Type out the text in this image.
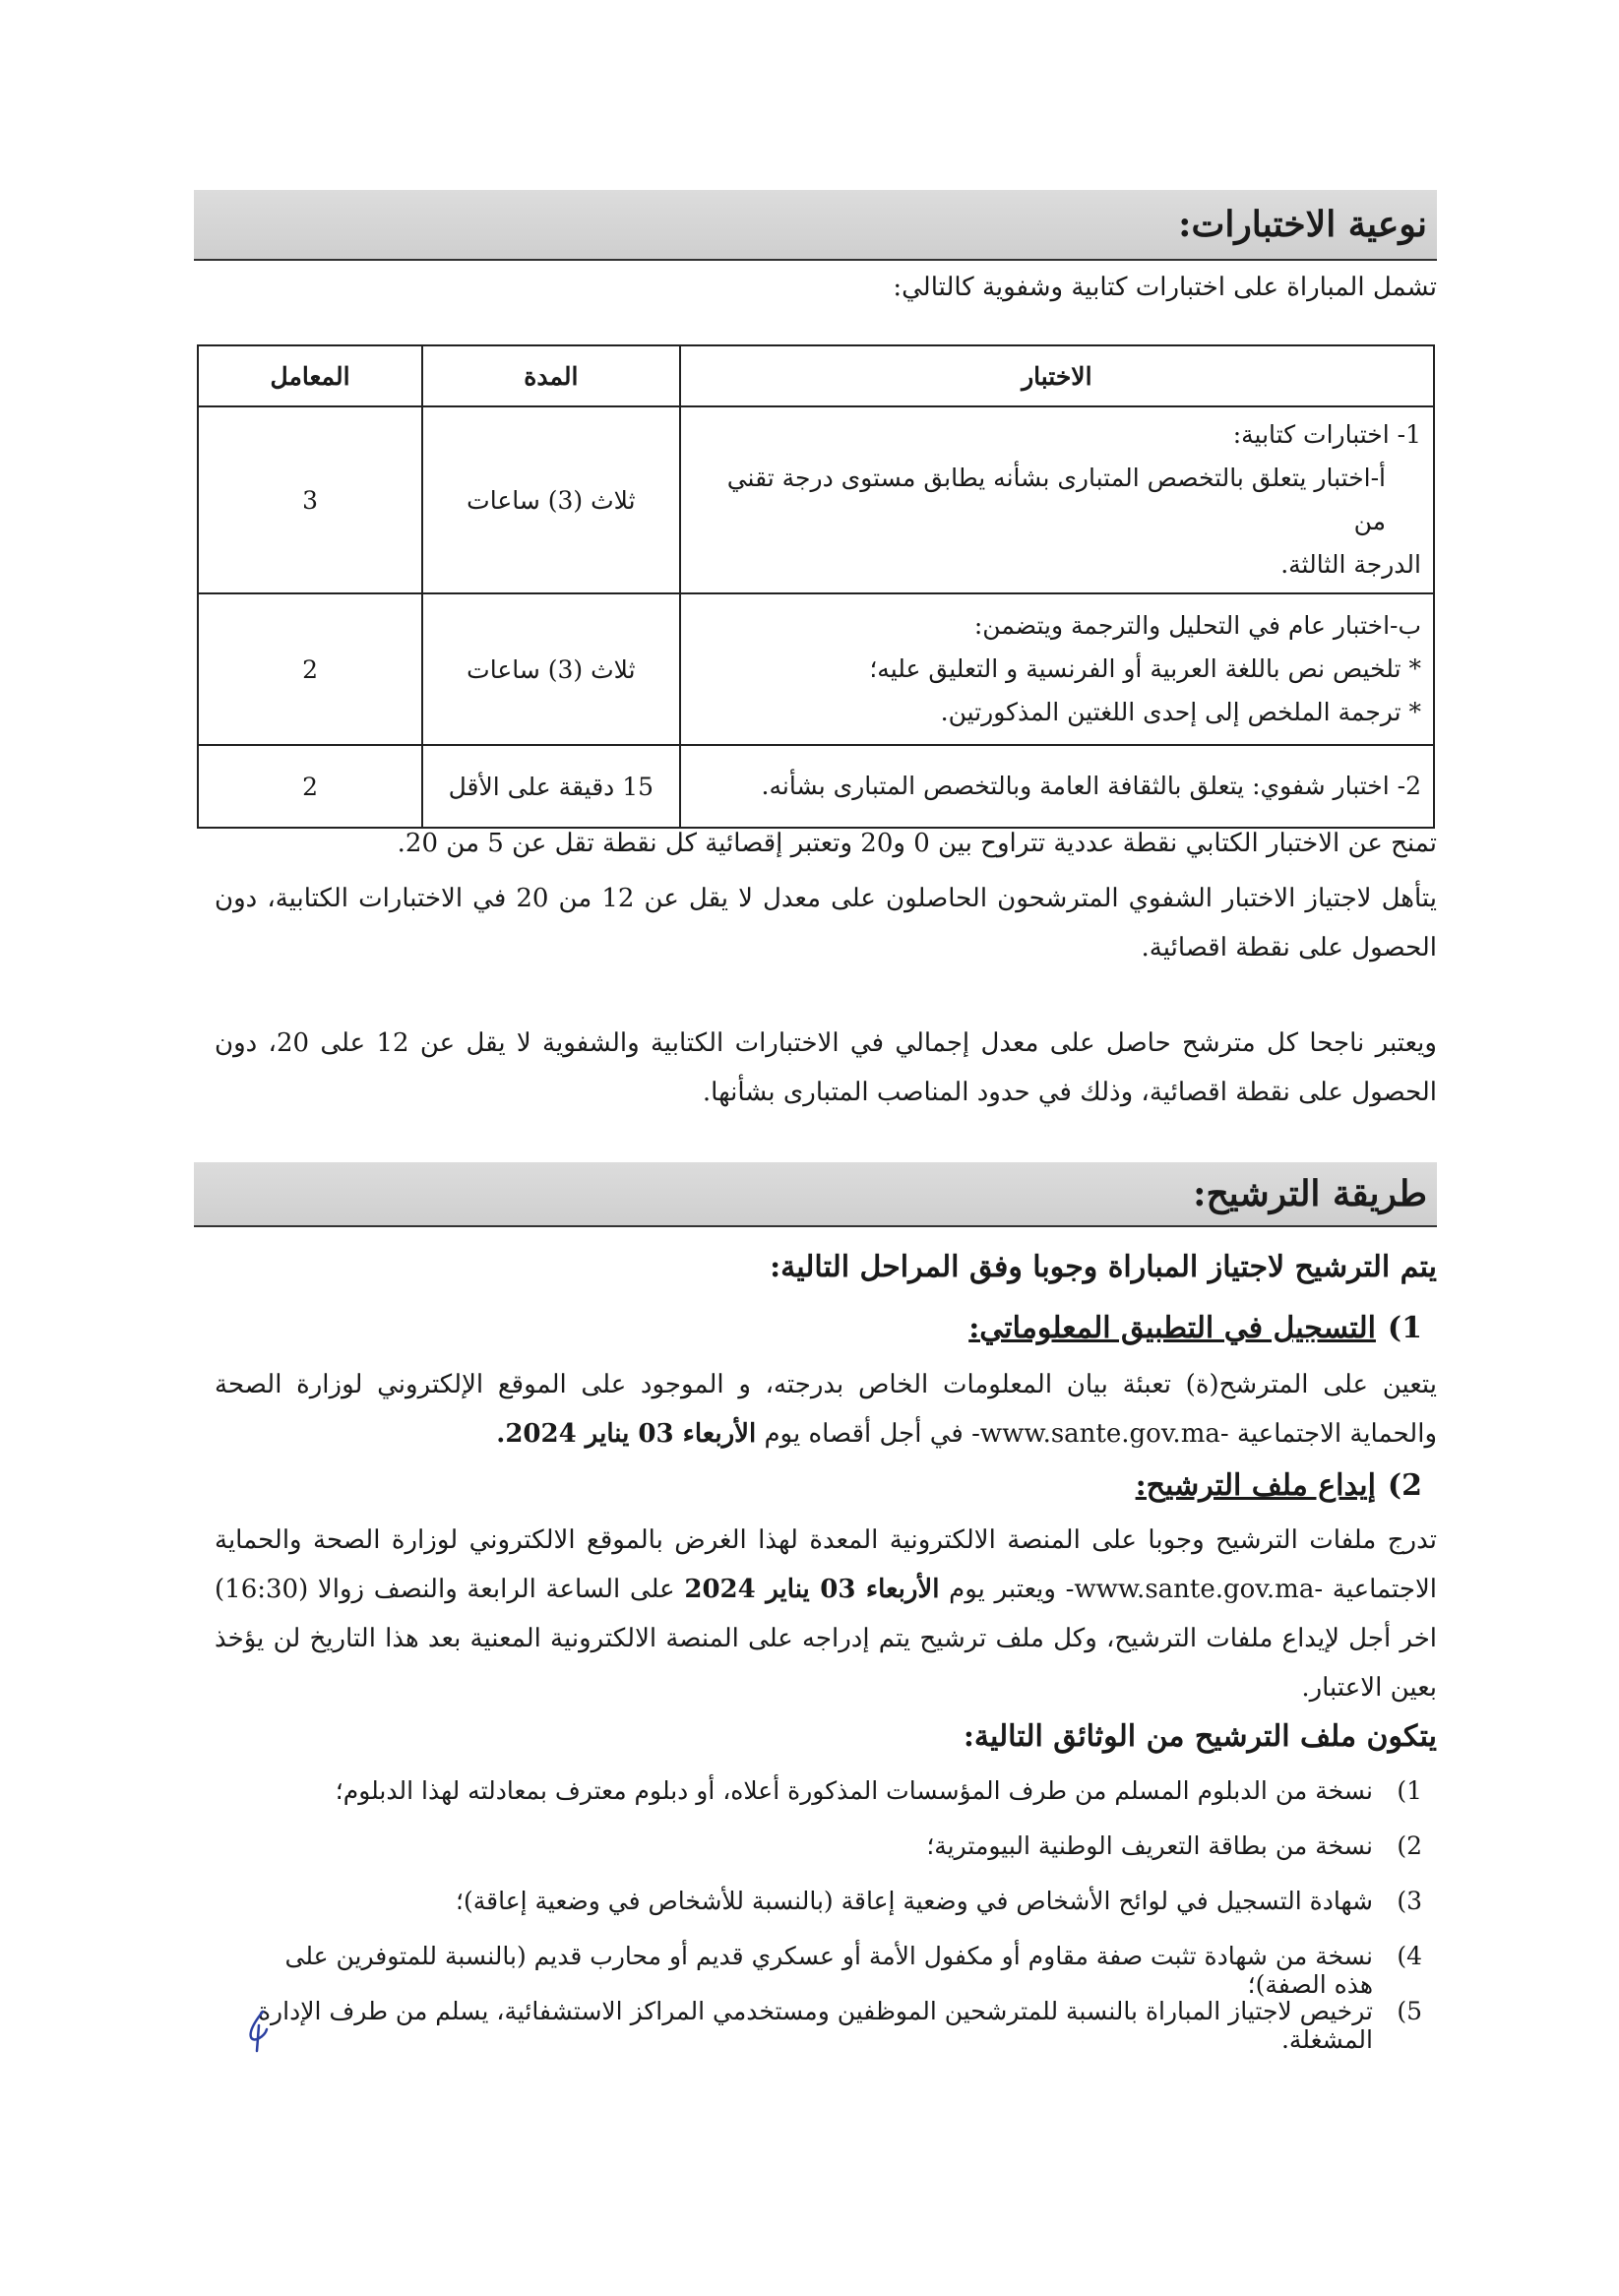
نوعية الاختبارات:
تشمل المباراة على اختبارات كتابية وشفوية كالتالي:
الاختبار	المدة	المعامل

1- اختبارات كتابية:
أ-اختبار يتعلق بالتخصص المتبارى بشأنه يطابق مستوى درجة تقني من
الدرجة الثالثة.	ثلاث (3) ساعات	3

ب-اختبار عام في التحليل والترجمة ويتضمن:
* تلخيص نص باللغة العربية أو الفرنسية و التعليق عليه؛
* ترجمة الملخص إلى إحدى اللغتين المذكورتين.	ثلاث (3) ساعات	2

2- اختبار شفوي: يتعلق بالثقافة العامة وبالتخصص المتبارى بشأنه.	15 دقيقة على الأقل	2
تمنح عن الاختبار الكتابي نقطة عددية تتراوح بين 0 و20 وتعتبر إقصائية كل نقطة تقل عن 5 من 20.
يتأهل لاجتياز الاختبار الشفوي المترشحون الحاصلون على معدل لا يقل عن 12 من 20 في الاختبارات الكتابية، دون الحصول على نقطة اقصائية.
ويعتبر ناجحا كل مترشح حاصل على معدل إجمالي في الاختبارات الكتابية والشفوية لا يقل عن 12 على 20، دون الحصول على نقطة اقصائية، وذلك في حدود المناصب المتبارى بشأنها.
طريقة الترشيح:
يتم الترشيح لاجتياز المباراة وجوبا وفق المراحل التالية:
1)
التسجيل في التطبيق المعلوماتي:
يتعين على المترشح(ة) تعبئة بيان المعلومات الخاص بدرجته، و الموجود على الموقع الإلكتروني لوزارة الصحة والحماية الاجتماعية -www.sante.gov.ma- في أجل أقصاه يوم الأربعاء 03 يناير 2024.
2)
إيداع ملف الترشيح:
تدرج ملفات الترشيح وجوبا على المنصة الالكترونية المعدة لهذا الغرض بالموقع الالكتروني لوزارة الصحة والحماية الاجتماعية -www.sante.gov.ma- ويعتبر يوم الأربعاء 03 يناير 2024 على الساعة الرابعة والنصف زوالا (16:30) اخر أجل لإيداع ملفات الترشيح، وكل ملف ترشيح يتم إدراجه على المنصة الالكترونية المعنية بعد هذا التاريخ لن يؤخذ بعين الاعتبار.
يتكون ملف الترشيح من الوثائق التالية:
1)
نسخة من الدبلوم المسلم من طرف المؤسسات المذكورة أعلاه، أو دبلوم معترف بمعادلته لهذا الدبلوم؛
2)
نسخة من بطاقة التعريف الوطنية البيومترية؛
3)
شهادة التسجيل في لوائح الأشخاص في وضعية إعاقة (بالنسبة للأشخاص في وضعية إعاقة)؛
4)
نسخة من شهادة تثبت صفة مقاوم أو مكفول الأمة أو عسكري قديم أو محارب قديم (بالنسبة للمتوفرين على هذه الصفة)؛
5)
ترخيص لاجتياز المباراة بالنسبة للمترشحين الموظفين ومستخدمي المراكز الاستشفائية، يسلم من طرف الإدارة المشغلة.
